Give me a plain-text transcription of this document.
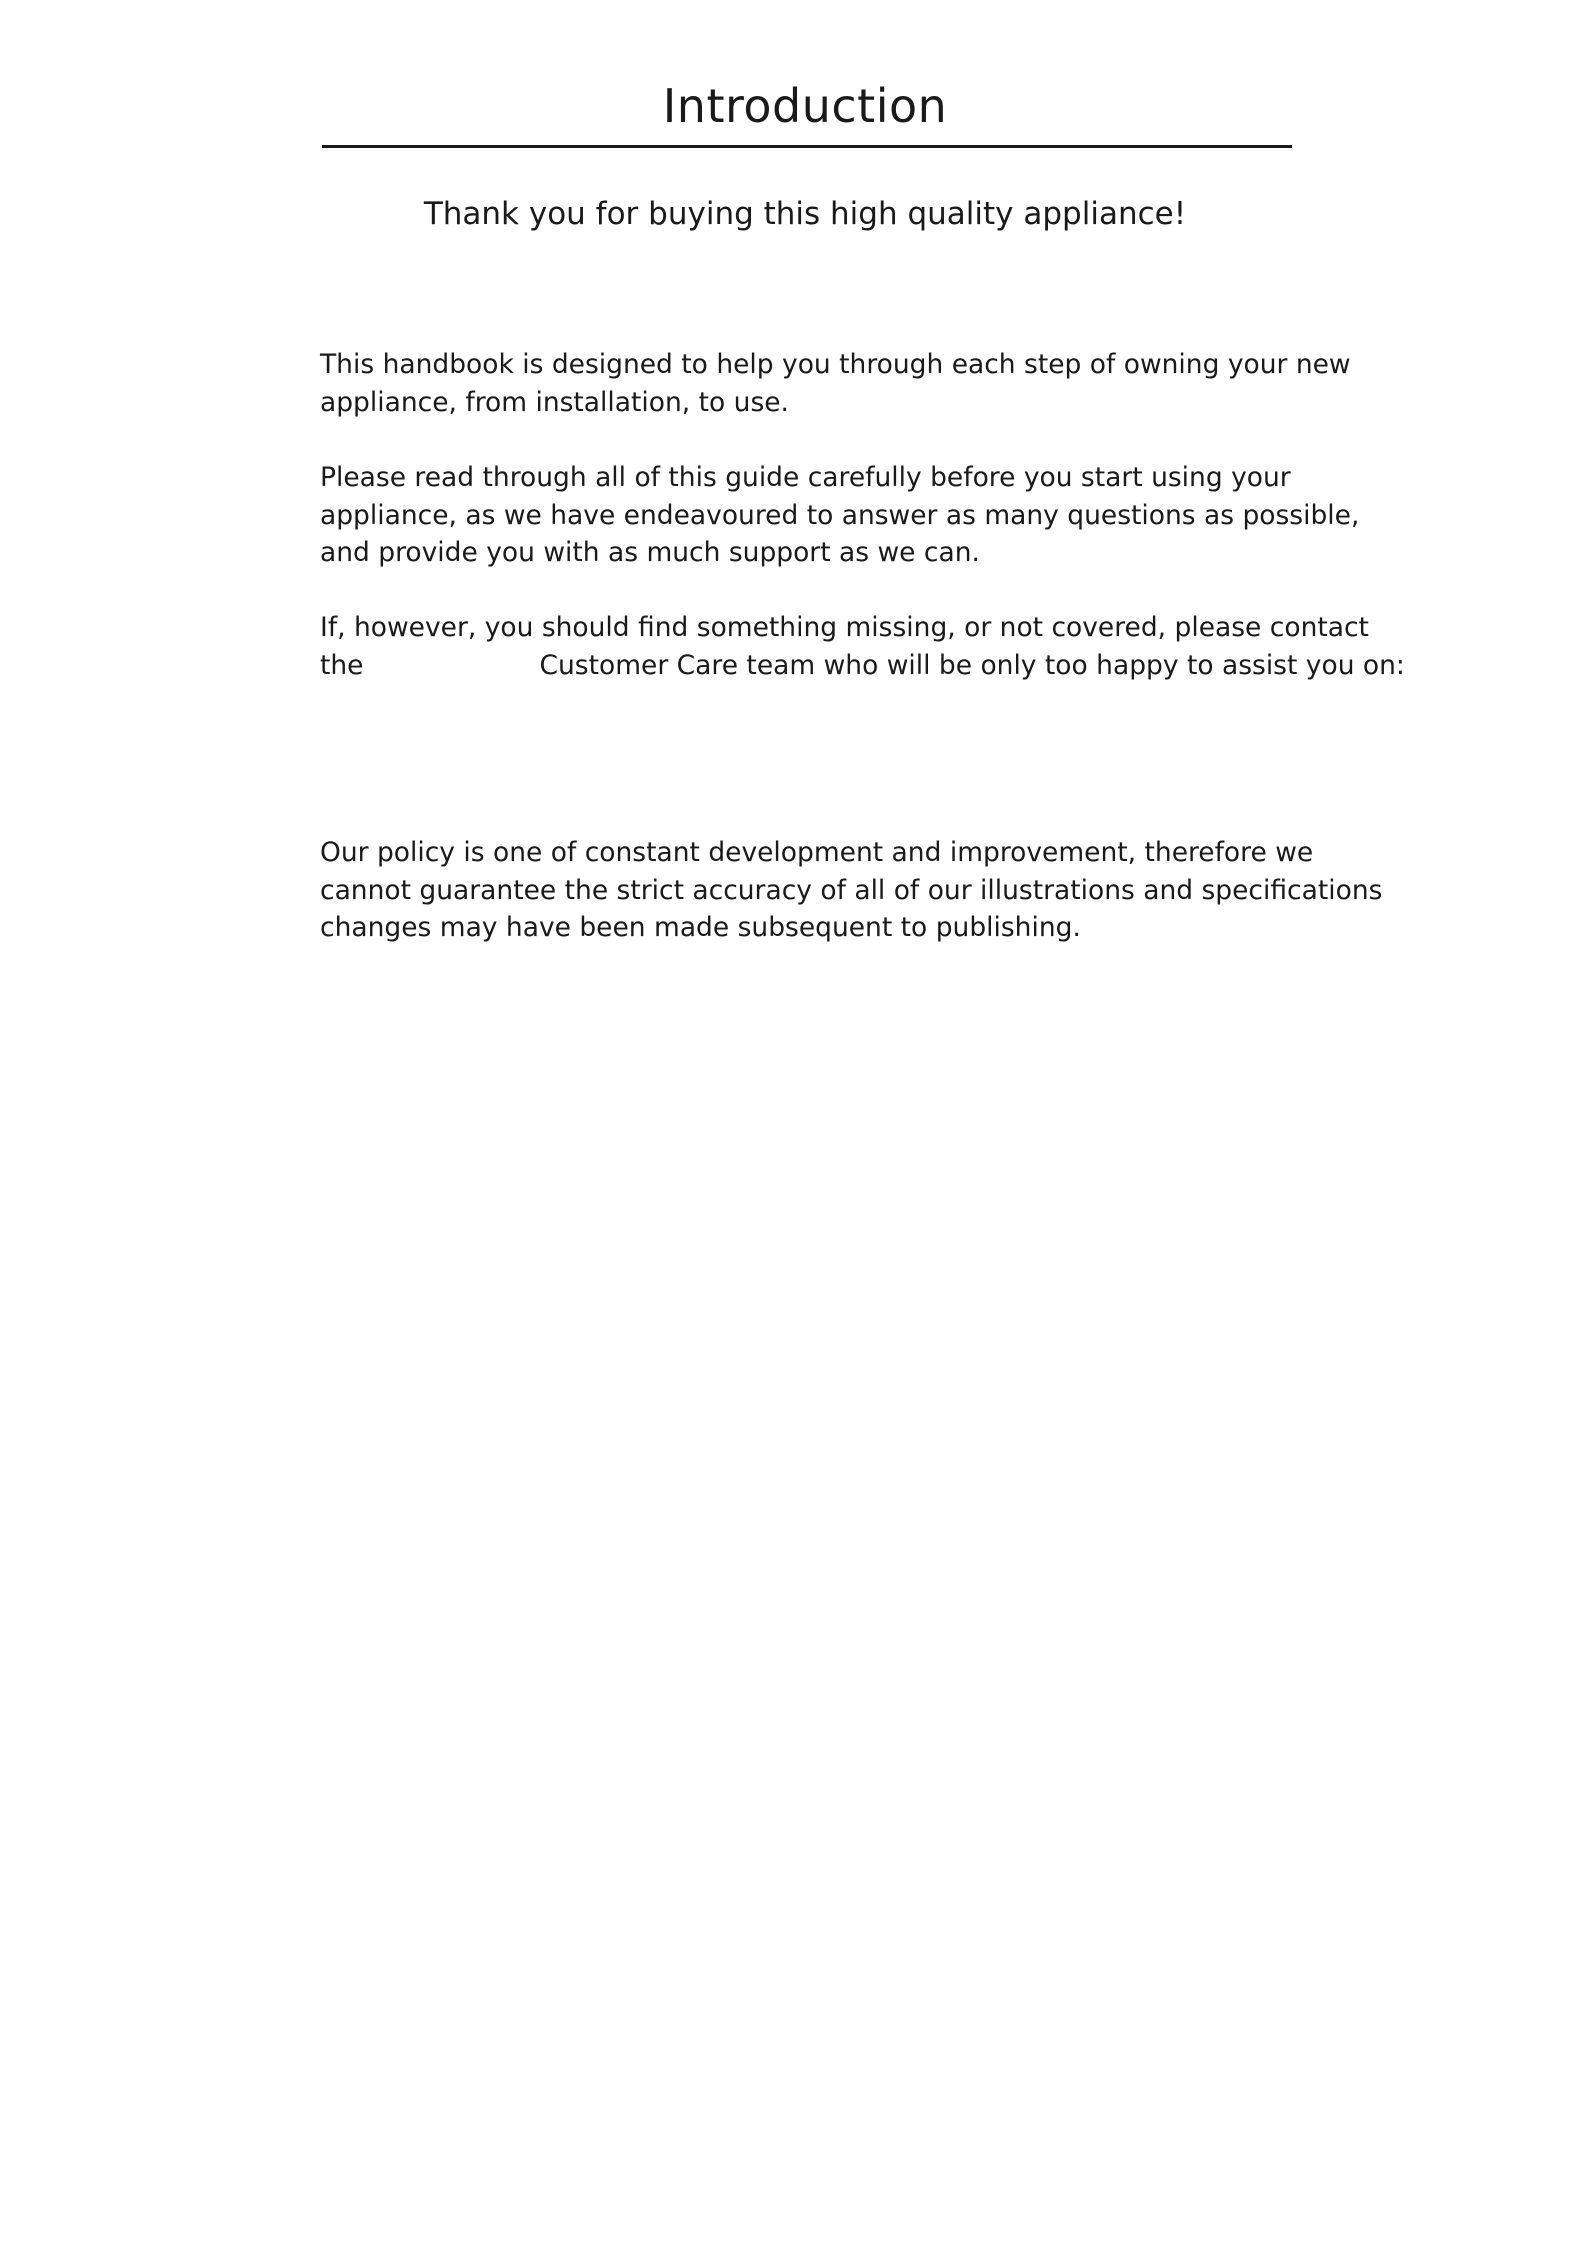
Introduction

Thank you for buying this high quality appliance!

This handbook is designed to help you through each step of owning your new
appliance, from installation, to use.

Please read through all of this guide carefully before you start using your
appliance, as we have endeavoured to answer as many questions as possible,
and provide you with as much support as we can.

If, however, you should find something missing, or not covered, please contact
the	Customer Care team who will be only too happy to assist you on:

Our policy is one of constant development and improvement, therefore we
cannot guarantee the strict accuracy of all of our illustrations and specifications
changes may have been made subsequent to publishing.
